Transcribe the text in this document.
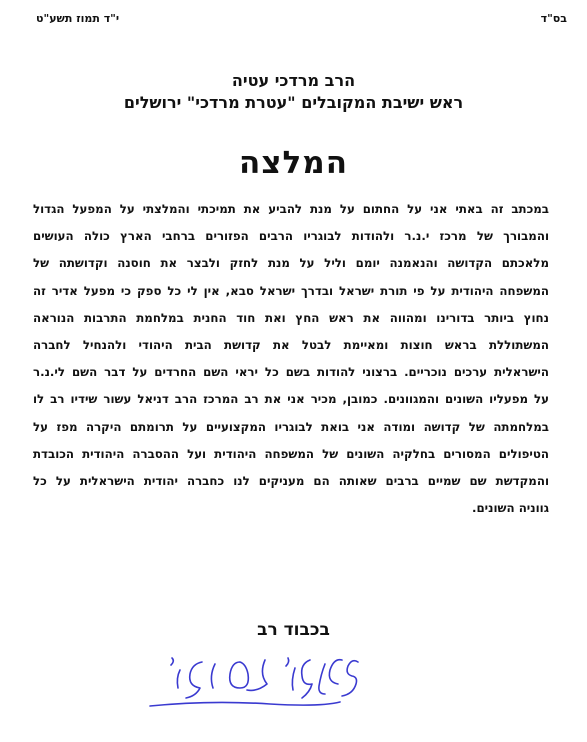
בס"ד
י"ד תמוז תשע"ט
הרב מרדכי עטיה
ראש ישיבת המקובלים "עטרת מרדכי" ירושלים
המלצה
במכתב זה באתי אני על החתום על מנת להביע את תמיכתי והמלצתי על המפעל הגדול
והמבורך של מרכז י.נ.ר ולהודות לבוגריו הרבים הפזורים ברחבי הארץ כולה העושים
מלאכתם הקדושה והנאמנה יומם וליל על מנת לחזק ולבצר את חוסנה וקדושתה של
המשפחה היהודית על פי תורת ישראל ובדרך ישראל סבא, אין לי כל ספק כי מפעל אדיר זה
נחוץ ביותר בדורינו ומהווה את ראש החץ ואת חוד החנית במלחמת התרבות הנוראה
המשתוללת בראש חוצות ומאיימת לבטל את קדושת הבית היהודי ולהנחיל לחברה
הישראלית ערכים נוכריים. ברצוני להודות בשם כל יראי השם החרדים על דבר השם לי.נ.ר
על מפעליו השונים והמגוונים. כמובן, מכיר אני את רב המרכז הרב דניאל עשור שידיו רב לו
במלחמתה של קדושה ומודה אני בואת לבוגריו המקצועיים על תרומתם היקרה מפז על
הטיפולים המסורים בחלקיה השונים של המשפחה היהודית ועל ההסברה היהודית הכובדת
והמקדשת שם שמיים ברבים שאותה הם מעניקים לנו כחברה יהודית הישראלית על כל
גווניה השונים.
בכבוד רב
